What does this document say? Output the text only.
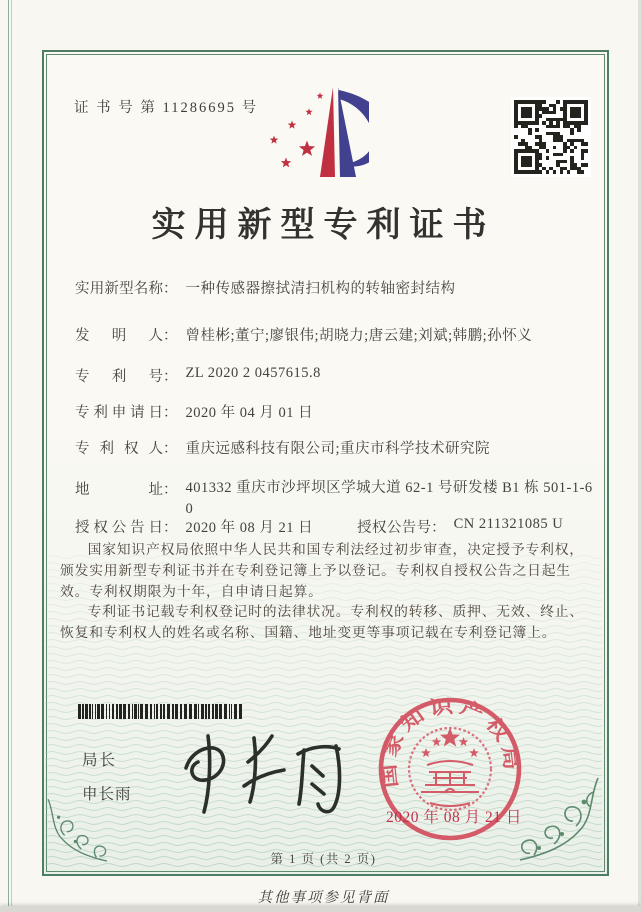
证 书 号 第 11286695 号
实用新型专利证书
实用新型名称 ： 一种传感器擦拭清扫机构的转轴密封结构
发明人 ： 曾桂彬;董宁;廖银伟;胡晓力;唐云建;刘斌;韩鹏;孙怀义
专利号 ： ZL 2020 2 0457615.8
专利申请日 ： 2020 年 04 月 01 日
专利权人 ： 重庆远感科技有限公司;重庆市科学技术研究院
地址 ： 401332 重庆市沙坪坝区学城大道 62-1 号研发楼 B1 栋 501-1-60
授权公告日 ： 2020 年 08 月 21 日	授权公告号 ： CN 211321085 U

国家知识产权局依照中华人民共和国专利法经过初步审查，决定授予专利权，颁发实用新型专利证书并在专利登记簿上予以登记。专利权自授权公告之日起生效。专利权期限为十年，自申请日起算。

专利证书记载专利权登记时的法律状况。专利权的转移、质押、无效、终止、恢复和专利权人的姓名或名称、国籍、地址变更等事项记载在专利登记簿上。

局长
申长雨
国家知识产权局
2020 年 08 月 21 日
第 1 页 (共 2 页)
其他事项参见背面
